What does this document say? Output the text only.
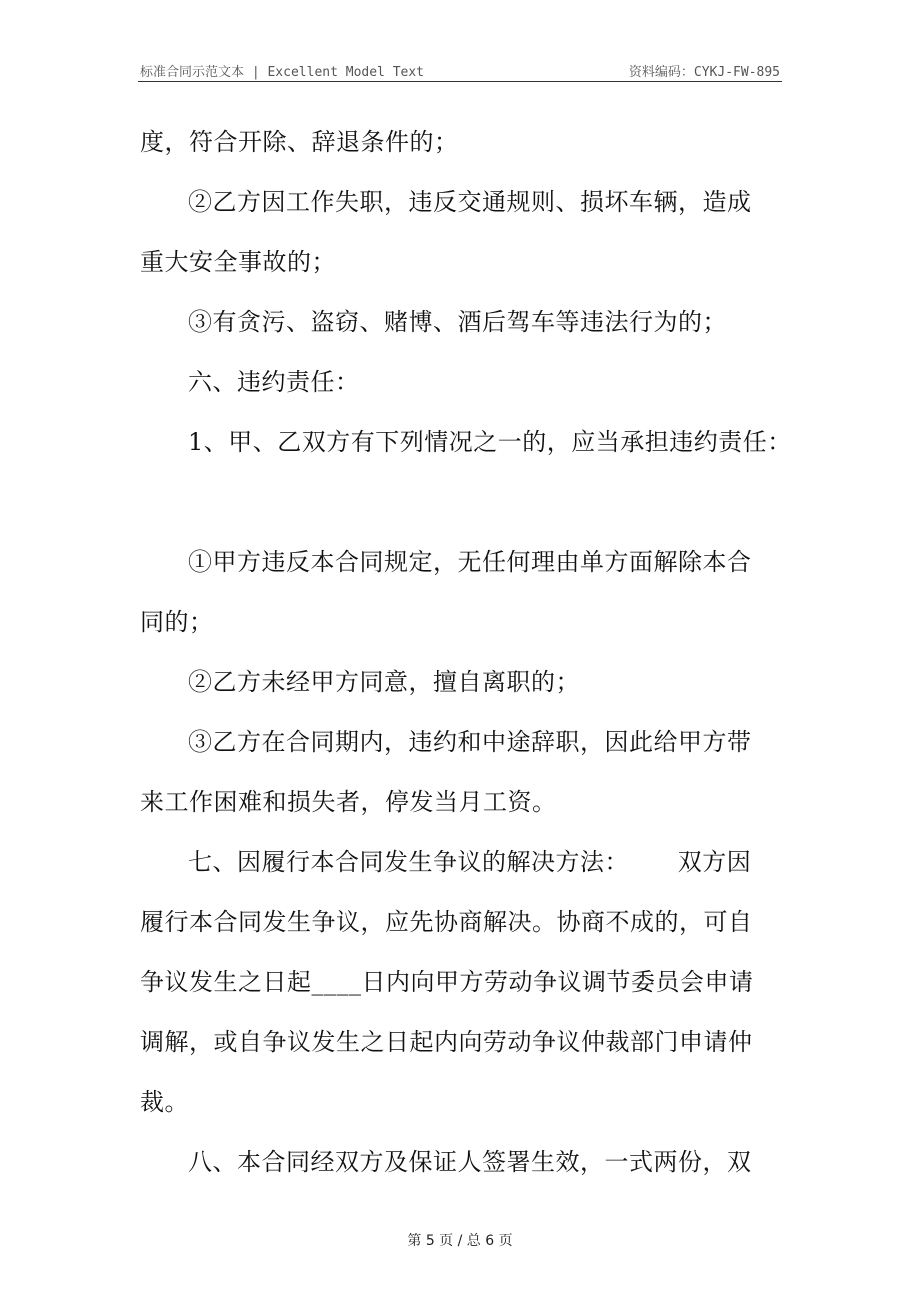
标准合同示范文本 | Excellent Model Text	资料编码：CYKJ-FW-895

度，符合开除、辞退条件的；

②乙方因工作失职，违反交通规则、损坏车辆，造成

重大安全事故的；

③有贪污、盗窃、赌博、酒后驾车等违法行为的；

六、违约责任：

1、甲、乙双方有下列情况之一的，应当承担违约责任：

①甲方违反本合同规定，无任何理由单方面解除本合

同的；

②乙方未经甲方同意，擅自离职的；

③乙方在合同期内，违约和中途辞职，因此给甲方带

来工作困难和损失者，停发当月工资。

七、因履行本合同发生争议的解决方法：      双方因

履行本合同发生争议，应先协商解决。协商不成的，可自

争议发生之日起____日内向甲方劳动争议调节委员会申请

调解，或自争议发生之日起内向劳动争议仲裁部门申请仲

裁。

八、本合同经双方及保证人签署生效，一式两份，双

第 5 页 / 总 6 页
